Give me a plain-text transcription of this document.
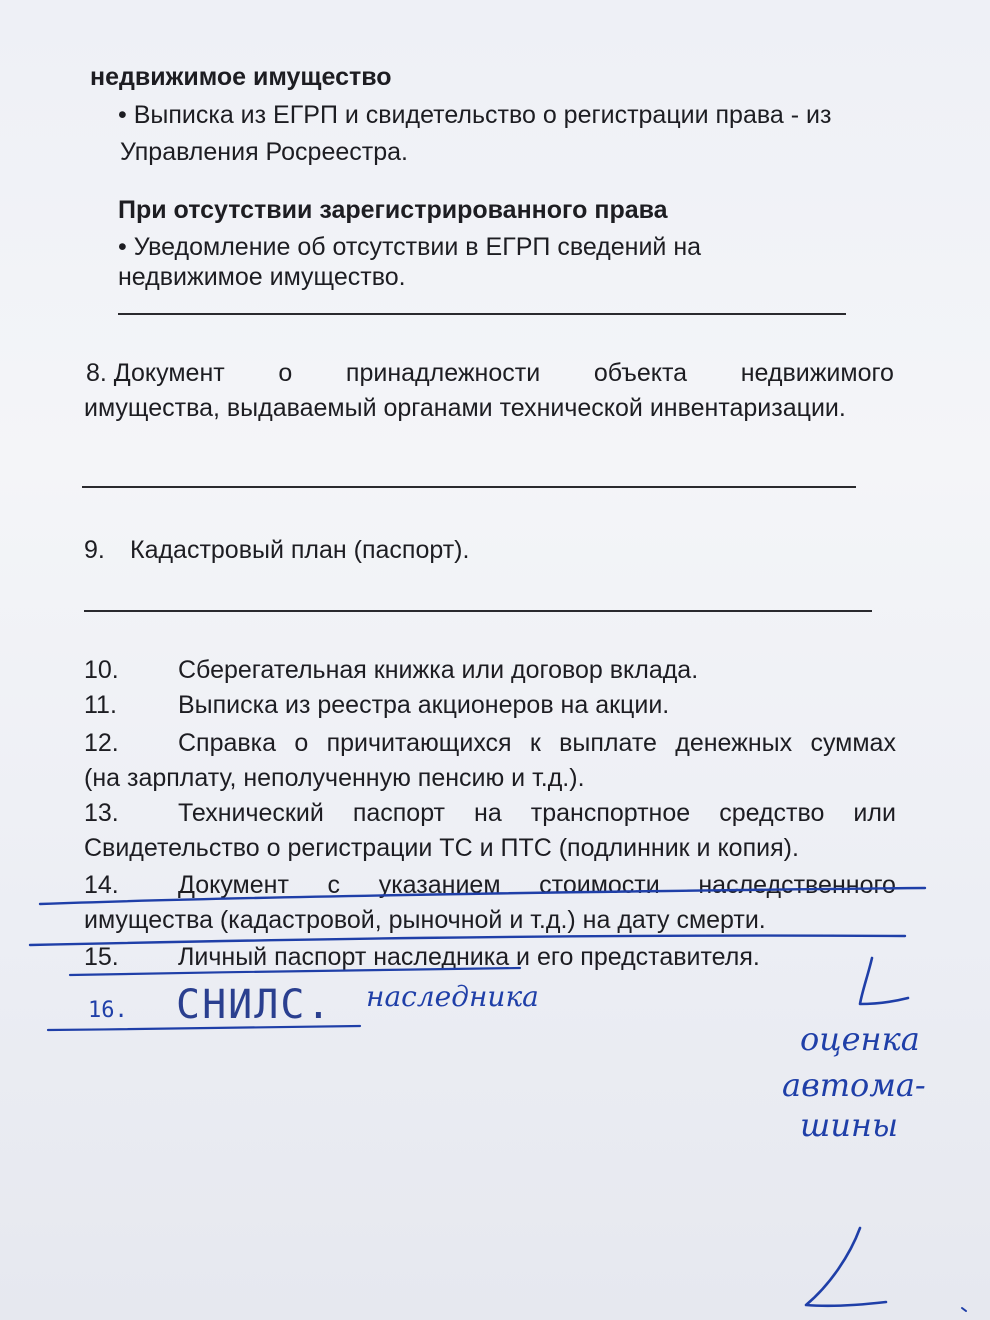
недвижимое имущество
• Выписка из ЕГРП и свидетельство о регистрации права - из
Управления Росреестра.
При отсутствии зарегистрированного права
• Уведомление об отсутствии в ЕГРП сведений на
недвижимое имущество.
8. Документ о принадлежности объекта недвижимого
имущества, выдаваемый органами технической инвентаризации.
9.	Кадастровый план (паспорт).
10.	Сберегательная книжка или договор вклада.
11.	Выписка из реестра акционеров на акции.
12.	Справка о причитающихся к выплате денежных суммах
(на зарплату, неполученную пенсию и т.д.).
13.	Технический паспорт на транспортное средство или
Свидетельство о регистрации ТС и ПТС (подлинник и копия).
14.	Документ с указанием стоимости наследственного
имущества (кадастровой, рыночной и т.д.) на дату смерти.
15.	Личный паспорт наследника и его представителя.
16. СНИЛС. наследника
оценка
автома-
шины
